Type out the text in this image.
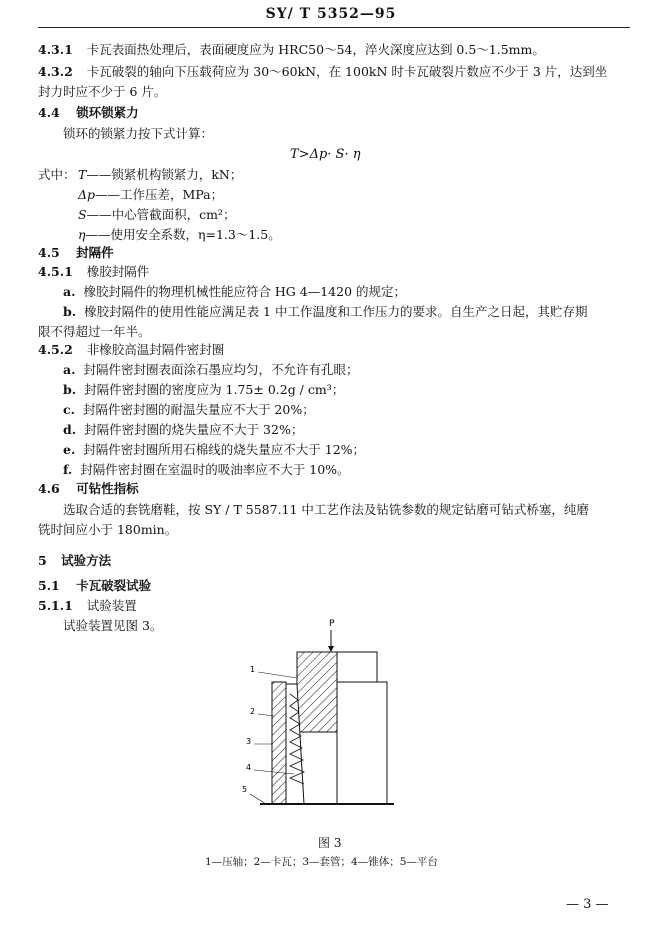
SY/ T 5352—95
4.3.1 卡瓦表面热处理后，表面硬度应为 HRC50～54，淬火深度应达到 0.5～1.5mm。
4.3.2 卡瓦破裂的轴向下压载荷应为 30～60kN，在 100kN 时卡瓦破裂片数应不少于 3 片，达到坐
封力时应不少于 6 片。
4.4 锁环锁紧力
锁环的锁紧力按下式计算：
T>Δp· S· η
式中： T——锁紧机构锁紧力，kN；
Δp——工作压差，MPa；
S——中心管截面积，cm²；
η——使用安全系数，η=1.3～1.5。
4.5 封隔件
4.5.1 橡胶封隔件
a. 橡胶封隔件的物理机械性能应符合 HG 4—1420 的规定；
b. 橡胶封隔件的使用性能应满足表 1 中工作温度和工作压力的要求。自生产之日起，其贮存期
限不得超过一年半。
4.5.2 非橡胶高温封隔件密封圈
a. 封隔件密封圈表面涂石墨应均匀，不允许有孔眼；
b. 封隔件密封圈的密度应为 1.75± 0.2g / cm³；
c. 封隔件密封圈的耐温失量应不大于 20%；
d. 封隔件密封圈的烧失量应不大于 32%；
e. 封隔件密封圈所用石棉线的烧失量应不大于 12%；
f. 封隔件密封圈在室温时的吸油率应不大于 10%。
4.6 可钻性指标
选取合适的套铣磨鞋，按 SY / T 5587.11 中工艺作法及钻铣参数的规定钻磨可钻式桥塞，纯磨
铣时间应小于 180min。
5 试验方法
5.1 卡瓦破裂试验
5.1.1 试验装置
试验装置见图 3。	P
1
2
3
4
5
图 3
1—压轴；2—卡瓦；3—套管；4—锥体；5—平台
— 3 —
